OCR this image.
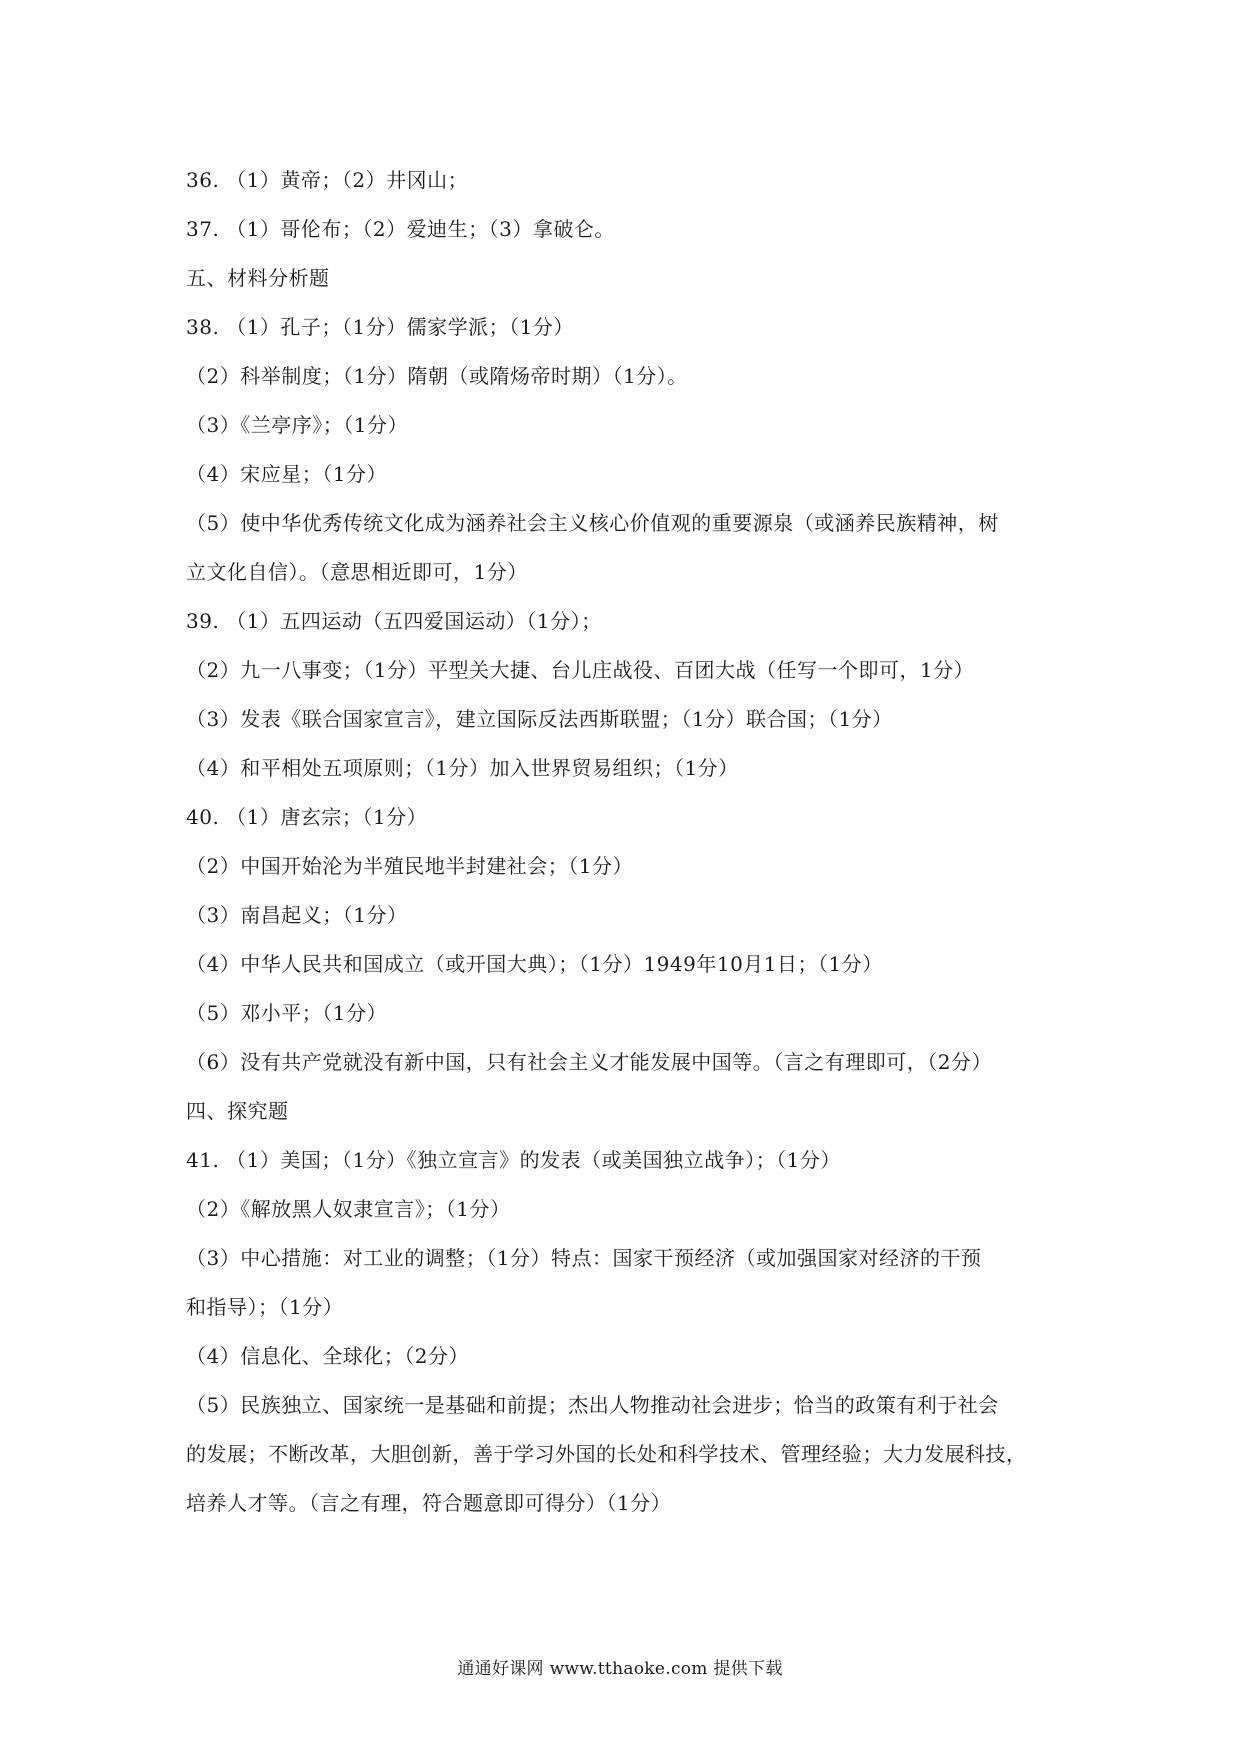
36. （1）黄帝；（2）井冈山；
37. （1）哥伦布；（2）爱迪生；（3）拿破仑。
五、材料分析题
38. （1）孔子；（1分）儒家学派；（1分）
（2）科举制度；（1分）隋朝（或隋炀帝时期）（1分）。
（3）《兰亭序》；（1分）
（4）宋应星；（1分）
（5）使中华优秀传统文化成为涵养社会主义核心价值观的重要源泉（或涵养民族精神，树
立文化自信）。（意思相近即可，1分）
39. （1）五四运动（五四爱国运动）（1分）；
（2）九一八事变；（1分）平型关大捷、台儿庄战役、百团大战（任写一个即可，1分）
（3）发表《联合国家宣言》，建立国际反法西斯联盟；（1分）联合国；（1分）
（4）和平相处五项原则；（1分）加入世界贸易组织；（1分）
40. （1）唐玄宗；（1分）
（2）中国开始沦为半殖民地半封建社会；（1分）
（3）南昌起义；（1分）
（4）中华人民共和国成立（或开国大典）；（1分）1949年10月1日；（1分）
（5）邓小平；（1分）
（6）没有共产党就没有新中国，只有社会主义才能发展中国等。（言之有理即可，（2分）
四、探究题
41. （1）美国；（1分）《独立宣言》的发表（或美国独立战争）；（1分）
（2）《解放黑人奴隶宣言》；（1分）
（3）中心措施：对工业的调整；（1分）特点：国家干预经济（或加强国家对经济的干预
和指导）；（1分）
（4）信息化、全球化；（2分）
（5）民族独立、国家统一是基础和前提；杰出人物推动社会进步；恰当的政策有利于社会
的发展；不断改革，大胆创新，善于学习外国的长处和科学技术、管理经验；大力发展科技，
培养人才等。（言之有理，符合题意即可得分）（1分）
通通好课网 www.tthaoke.com 提供下载
